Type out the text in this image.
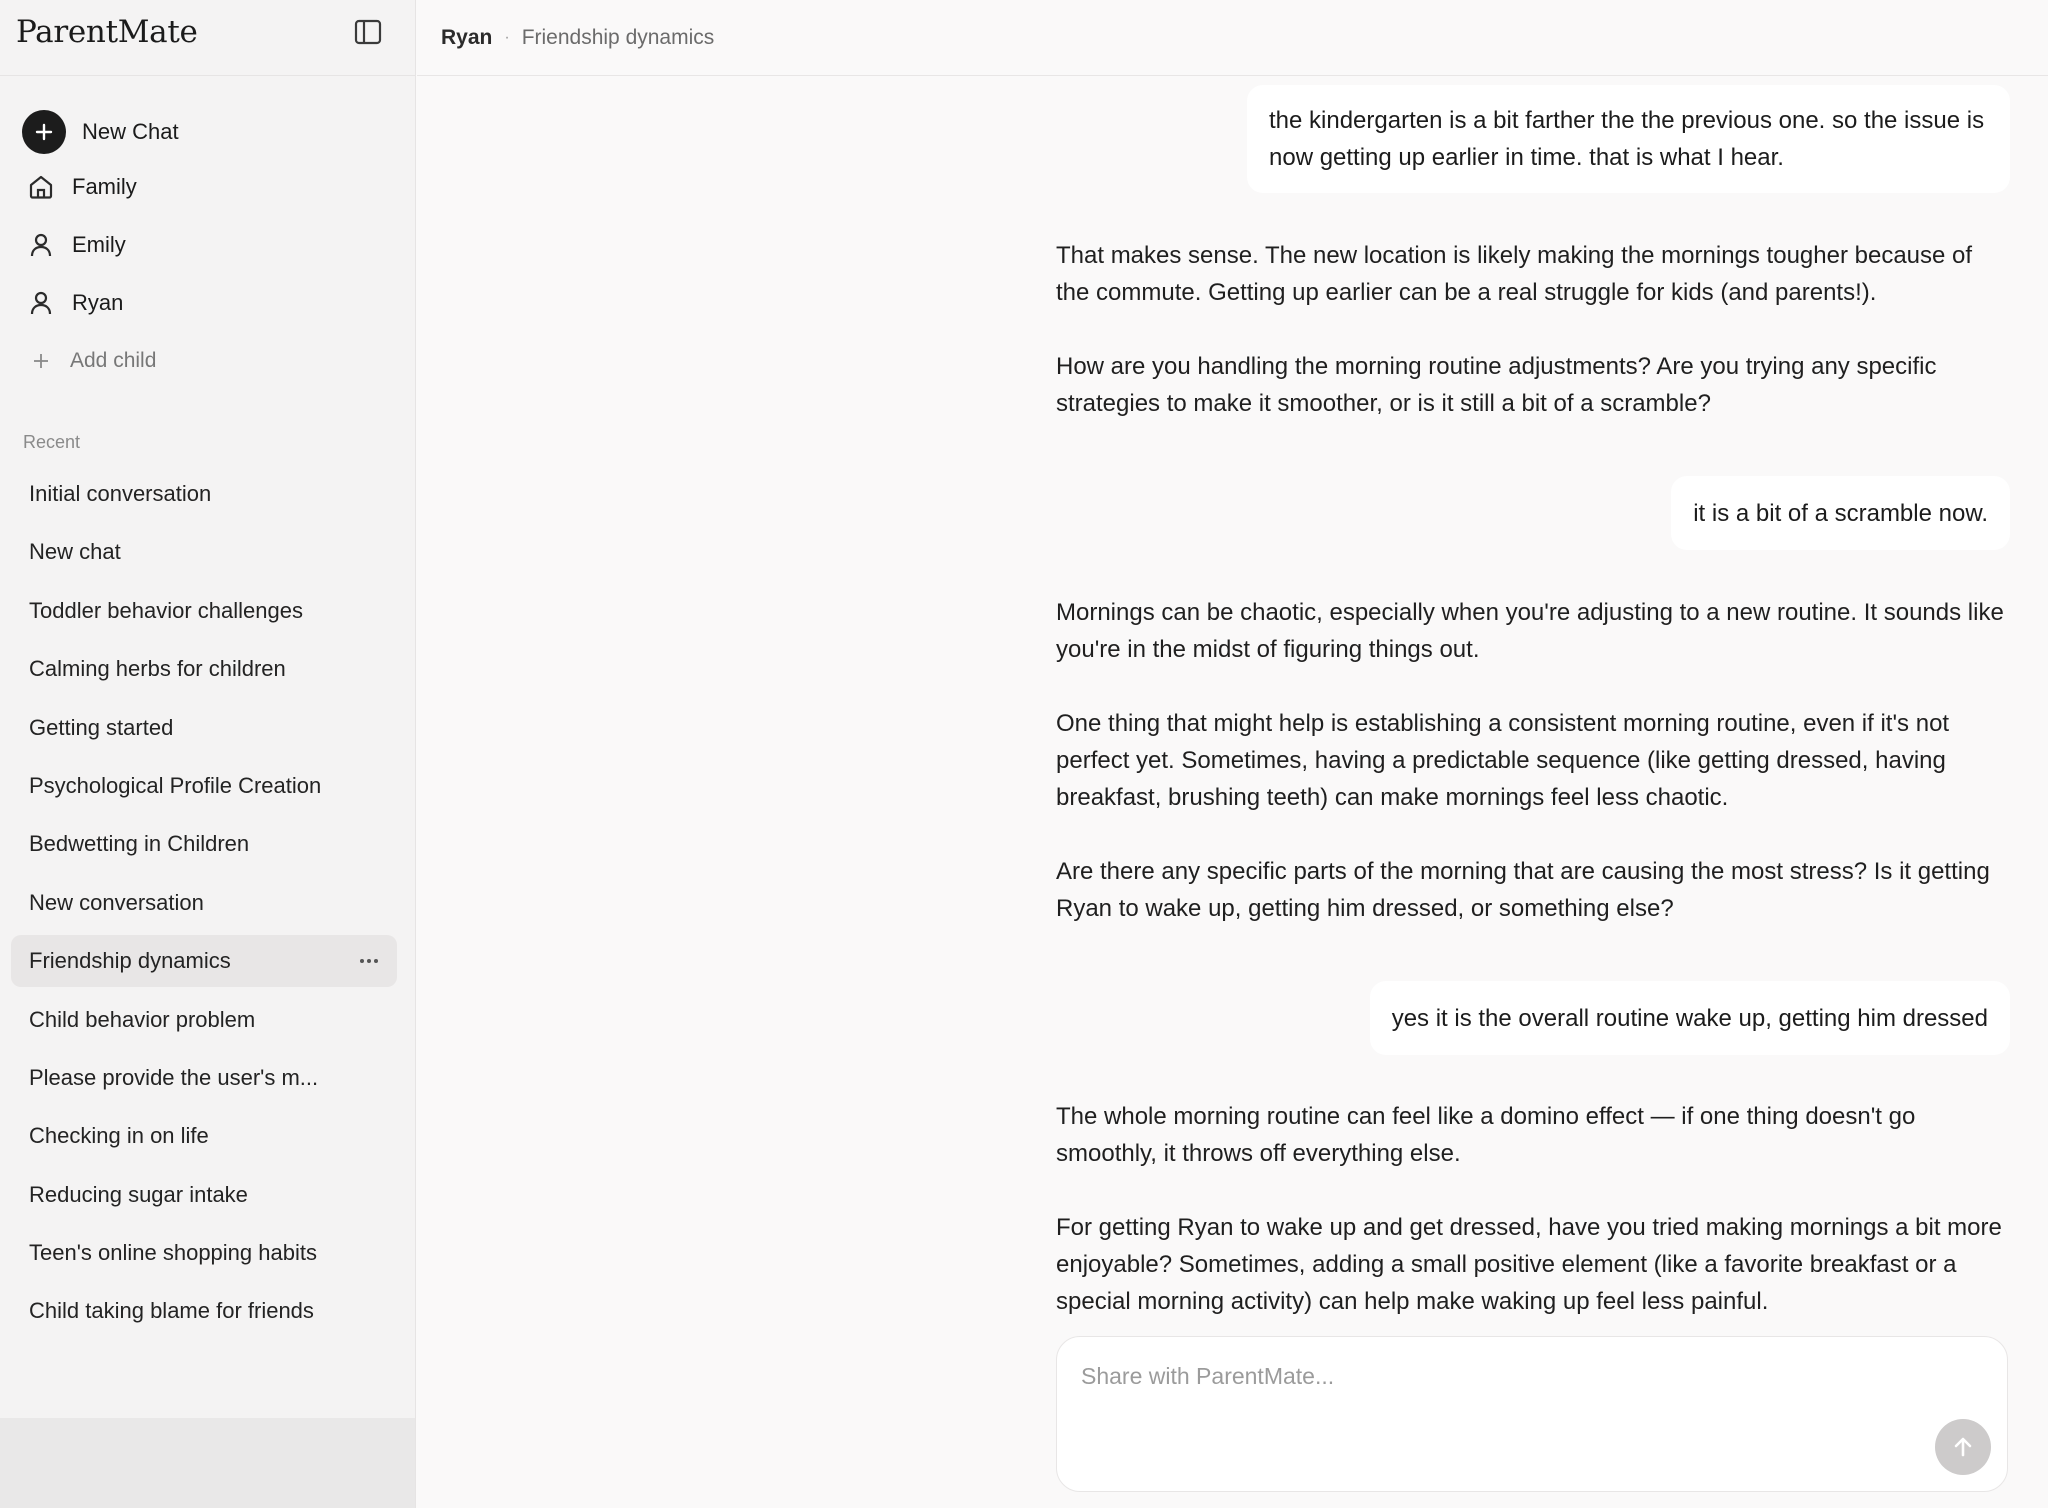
ParentMate
New Chat
Family
Emily
Ryan
Add child
Recent
Initial conversation
New chat
Toddler behavior challenges
Calming herbs for children
Getting started
Psychological Profile Creation
Bedwetting in Children
New conversation
Friendship dynamics
Child behavior problem
Please provide the user's m...
Checking in on life
Reducing sugar intake
Teen's online shopping habits
Child taking blame for friends
Ryan · Friendship dynamics
the kindergarten is a bit farther the the previous one. so the issue is now getting up earlier in time. that is what I hear.

That makes sense. The new location is likely making the mornings tougher because of the commute. Getting up earlier can be a real struggle for kids (and parents!).

How are you handling the morning routine adjustments? Are you trying any specific strategies to make it smoother, or is it still a bit of a scramble?

it is a bit of a scramble now.

Mornings can be chaotic, especially when you're adjusting to a new routine. It sounds like you're in the midst of figuring things out.

One thing that might help is establishing a consistent morning routine, even if it's not perfect yet. Sometimes, having a predictable sequence (like getting dressed, having breakfast, brushing teeth) can make mornings feel less chaotic.

Are there any specific parts of the morning that are causing the most stress? Is it getting Ryan to wake up, getting him dressed, or something else?

yes it is the overall routine wake up, getting him dressed

The whole morning routine can feel like a domino effect — if one thing doesn't go smoothly, it throws off everything else.

For getting Ryan to wake up and get dressed, have you tried making mornings a bit more enjoyable? Sometimes, adding a small positive element (like a favorite breakfast or a special morning activity) can help make waking up feel less painful.

Share with ParentMate...
